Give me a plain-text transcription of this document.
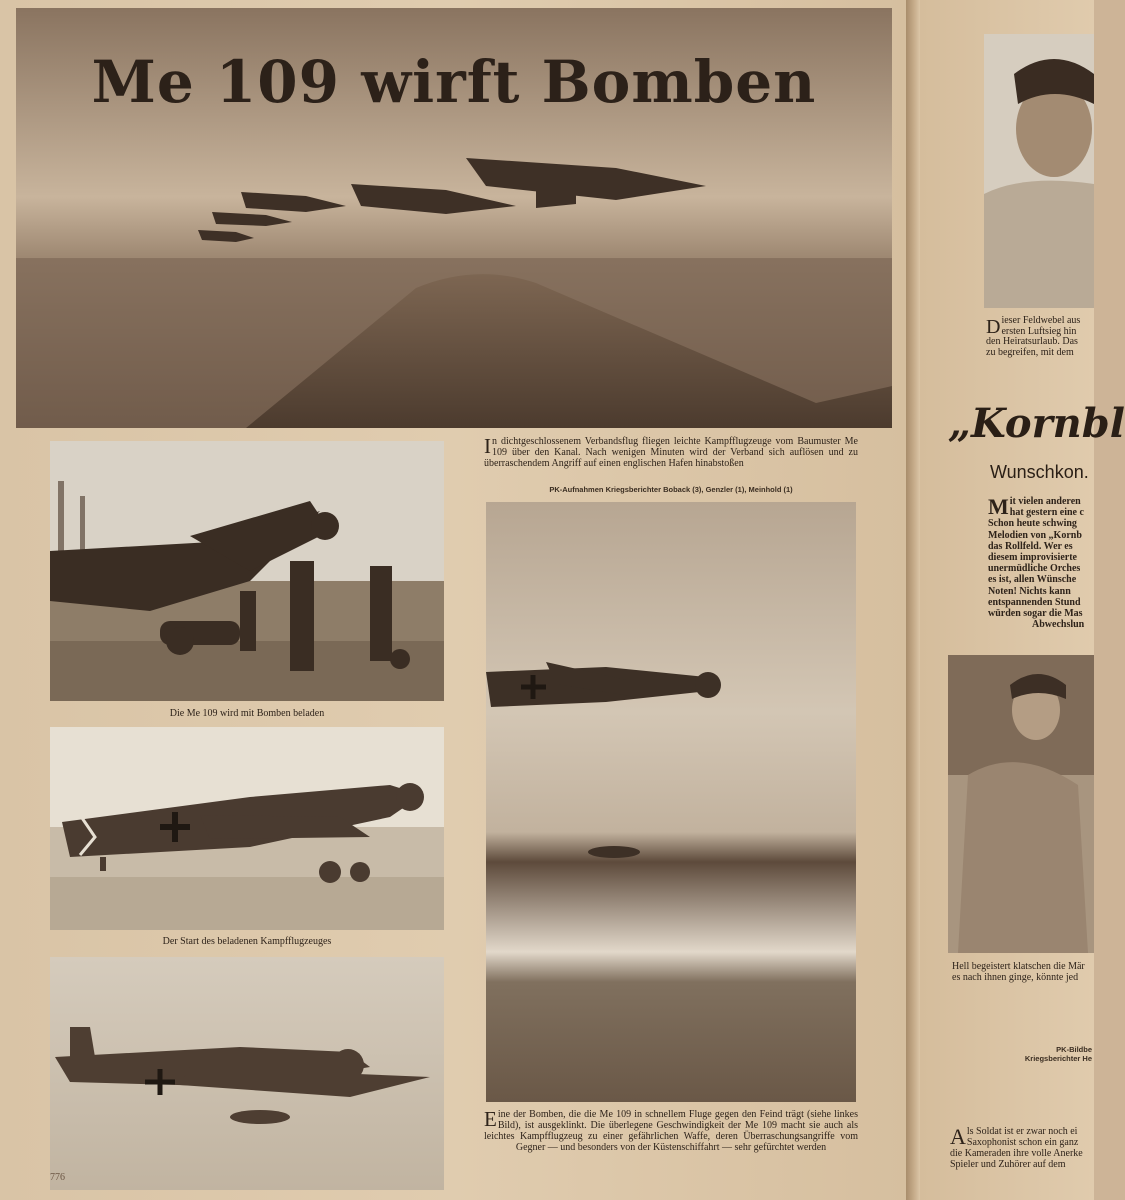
Me 109 wirft Bomben
In dichtgeschlossenem Verbandsflug fliegen leichte Kampfflugzeuge vom Baumuster Me 109 über den Kanal. Nach wenigen Minuten wird der Verband sich auflösen und zu überraschendem Angriff auf einen englischen Hafen hinabstoßen
PK-Aufnahmen Kriegsberichter Boback (3), Genzler (1), Meinhold (1)
Die Me 109 wird mit Bomben beladen
Der Start des beladenen Kampfflugzeuges
776
Eine der Bomben, die die Me 109 in schnellem Fluge gegen den Feind trägt (siehe linkes Bild), ist ausgeklinkt. Die überlegene Geschwindigkeit der Me 109 macht sie auch als leichtes Kampfflugzeug zu einer gefährlichen Waffe, deren Überraschungsangriffe vom Gegner — und besonders von der Küstenschiffahrt — sehr gefürchtet werden
Dieser Feldwebel aus
ersten Luftsieg hin
den Heiratsurlaub. Das
zu begreifen, mit dem
„Kornbl
Wunschkon.
Mit vielen anderen
hat gestern eine c
Schon heute schwing
Melodien von „Kornb
das Rollfeld. Wer es
diesem improvisierte
unermüdliche Orches
es ist, allen Wünsche
Noten! Nichts kann
entspannenden Stund
würden sogar die Mas
Abwechslun
Hell begeistert klatschen die Mär
es nach ihnen ginge, könnte jed
PK-Bildbe
Kriegsberichter He
Als Soldat ist er zwar noch ei
Saxophonist schon ein ganz
die Kameraden ihre volle Anerke
Spieler und Zuhörer auf dem
